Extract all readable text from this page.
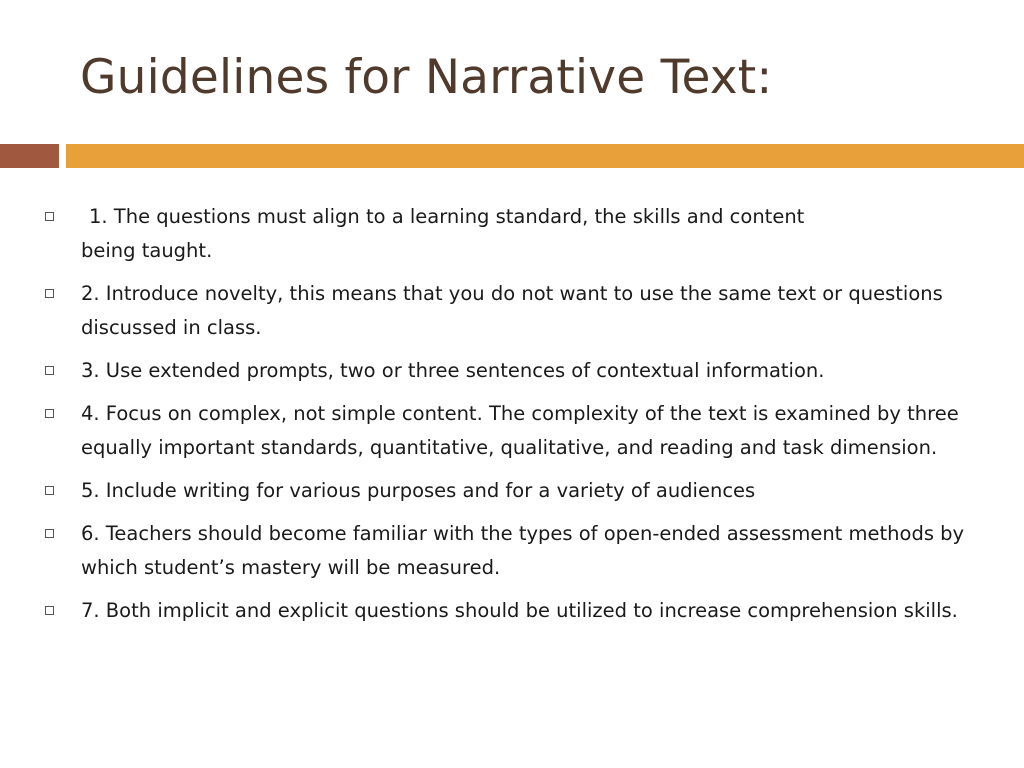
Guidelines for Narrative Text:
1. The questions must align to a learning standard, the skills and content
being taught.
2. Introduce novelty, this means that you do not want to use the same text or questions discussed in class.
3. Use extended prompts, two or three sentences of contextual information.
4. Focus on complex, not simple content. The complexity of the text is examined by three equally important standards, quantitative, qualitative, and reading and task dimension.
5. Include writing for various purposes and for a variety of audiences
6. Teachers should become familiar with the types of open-ended assessment methods by which student’s mastery will be measured.
7. Both implicit and explicit questions should be utilized to increase comprehension skills.
